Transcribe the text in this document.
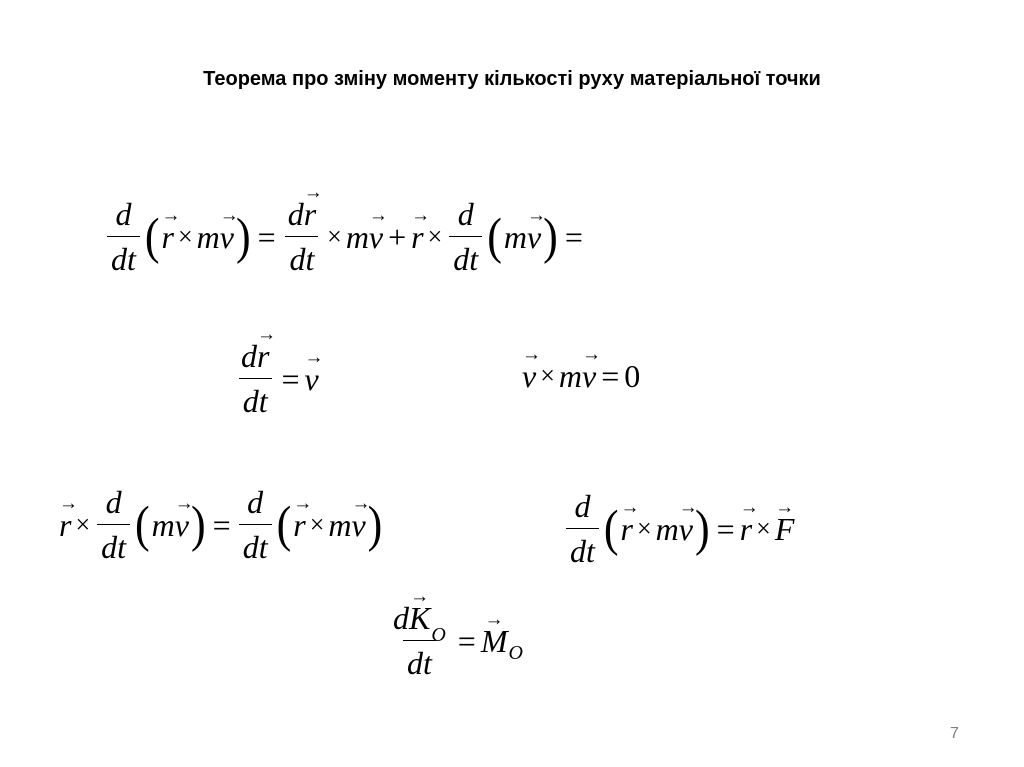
Теорема про зміну моменту кількості руху матеріальної точки
$\frac{d}{dt}$ ( r → × m v → ) = $\frac{dr \to}{dt} \times m$ v → + r → × $\frac{d}{dt}$ ( m v → ) =
$\frac{dr \to}{dt} = v$ →	v → × m v → = 0
r → × $\frac{d}{dt}$ ( m v → ) = $\frac{d}{dt}$ ( r → × m v → )	$\frac{d}{dt}$ ( r → × m v → ) = r → × F →
$\frac{dK \to_O}{dt} = M \to O$
7
